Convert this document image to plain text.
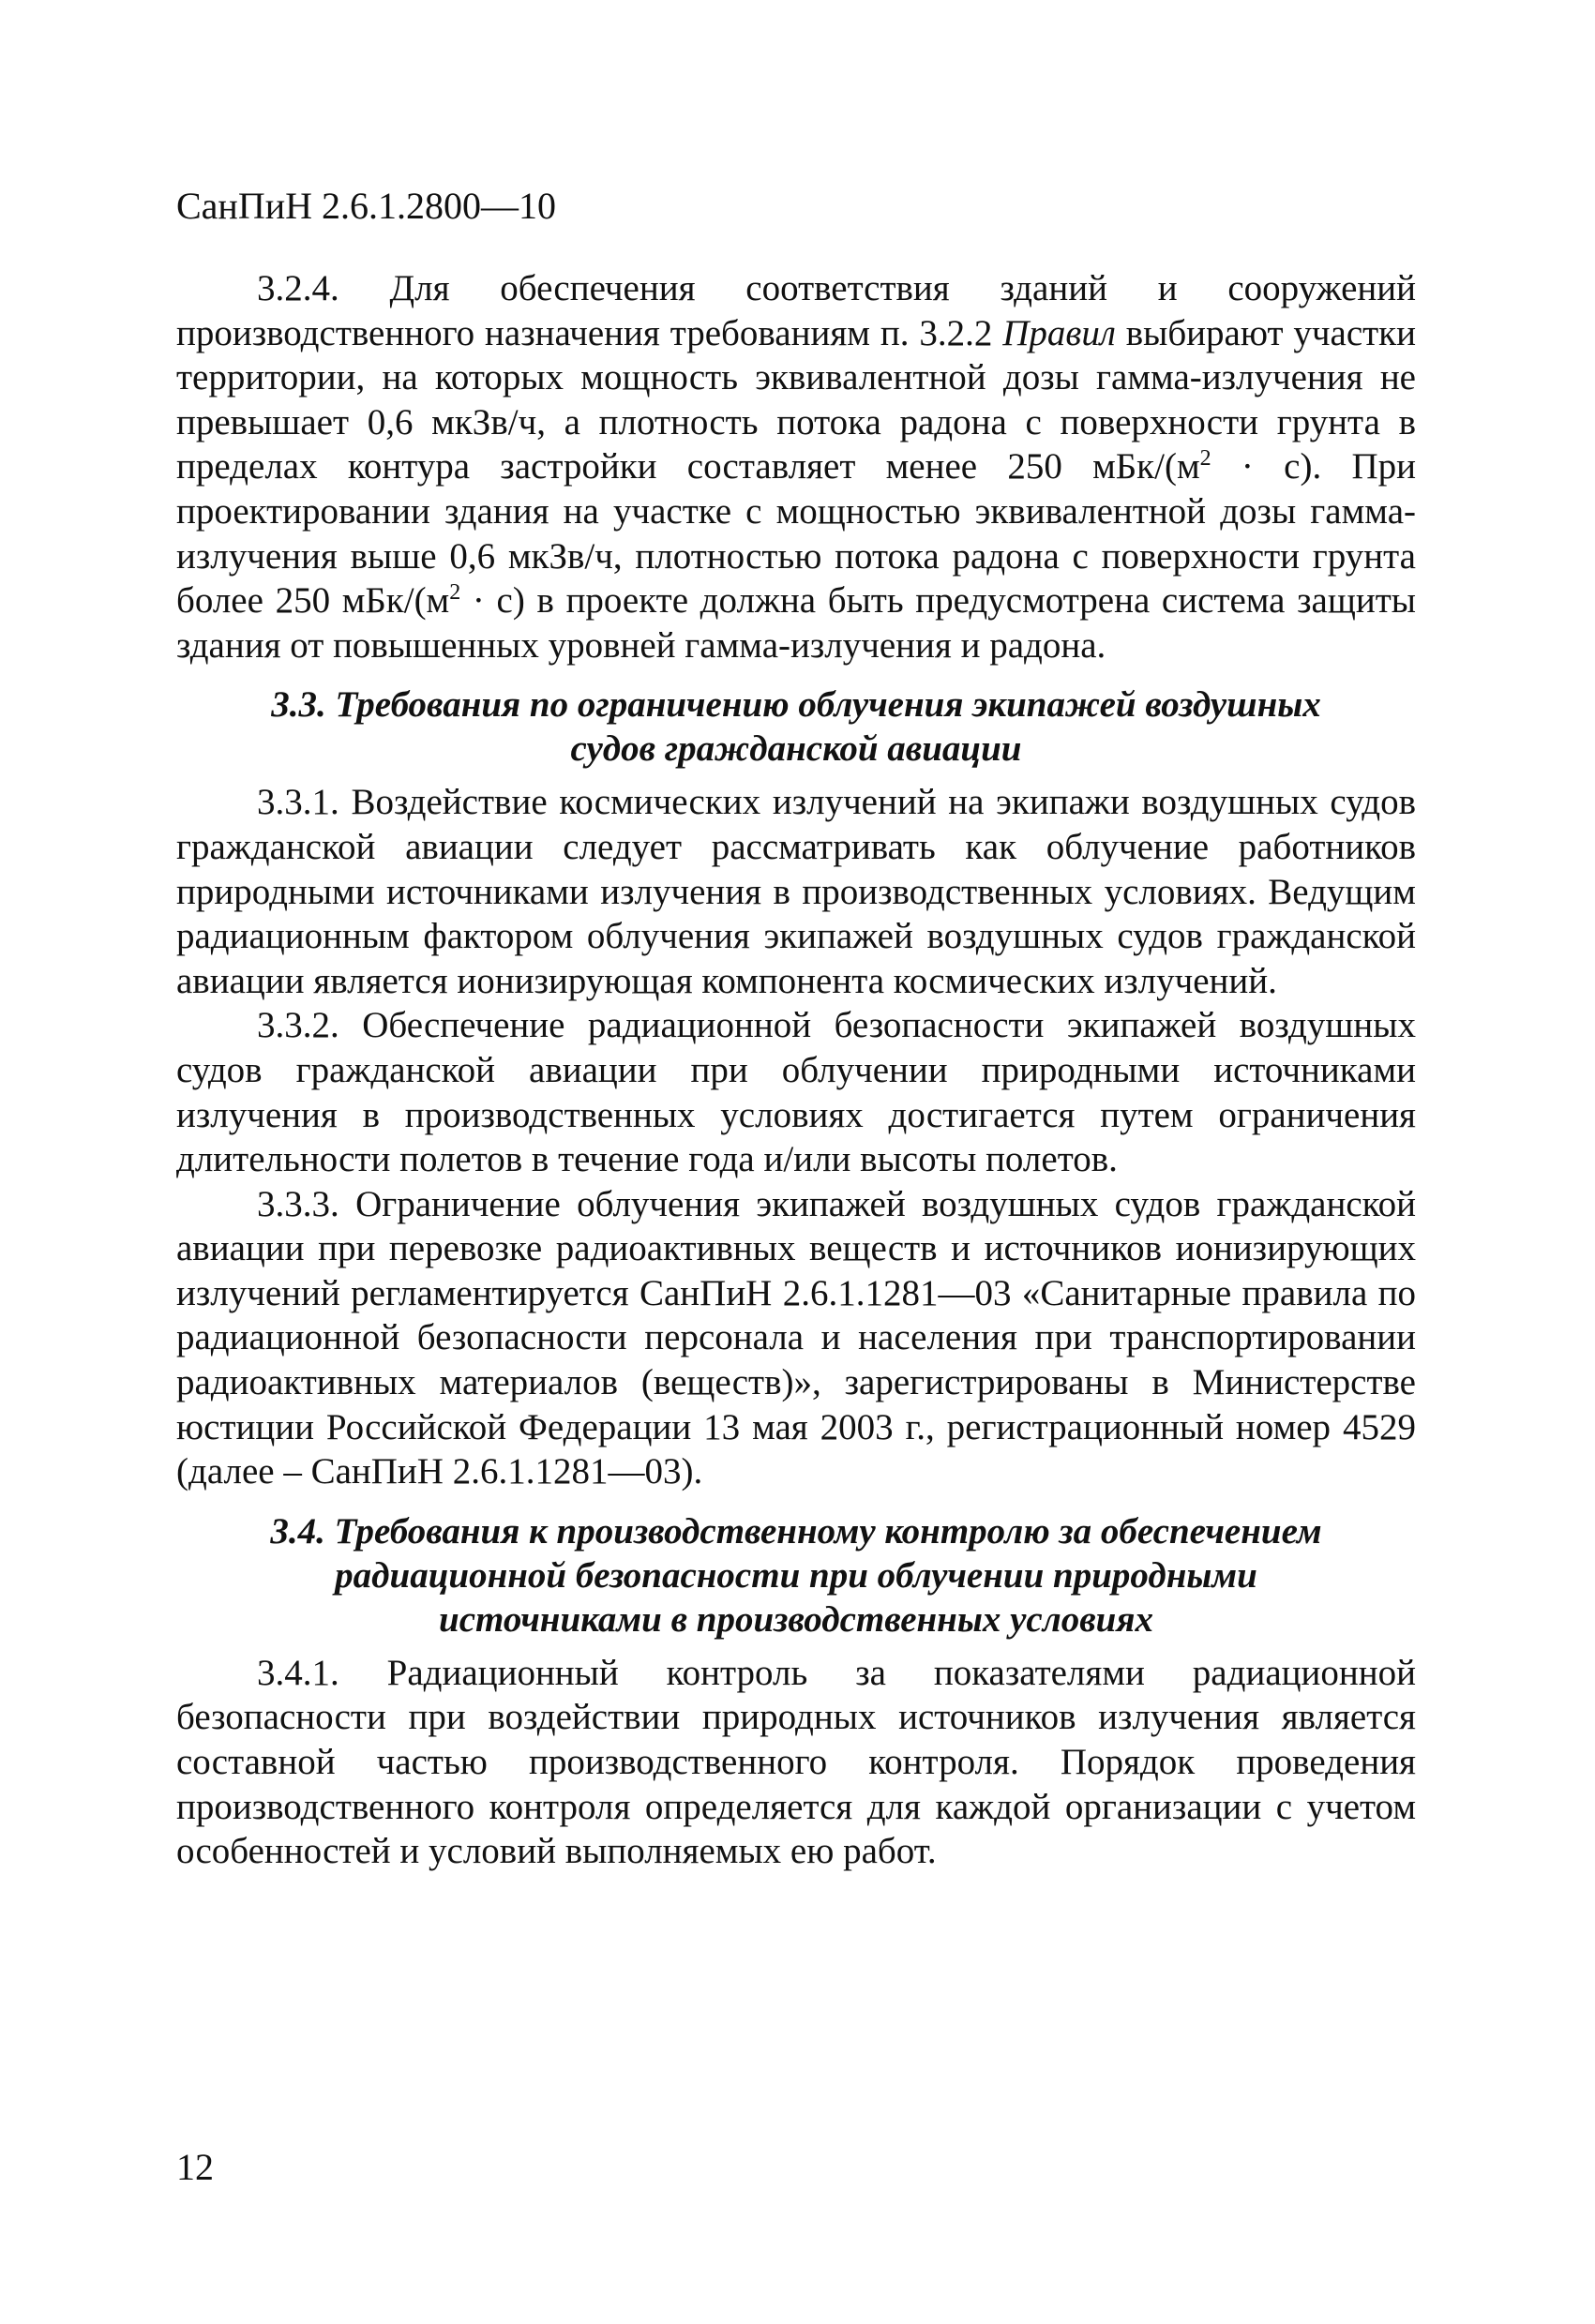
СанПиН 2.6.1.2800—10

3.2.4. Для обеспечения соответствия зданий и сооружений производственного назначения требованиям п. 3.2.2 Правил выбирают участки территории, на которых мощность эквивалентной дозы гамма-излучения не превышает 0,6 мкЗв/ч, а плотность потока радона с поверхности грунта в пределах контура застройки составляет менее 250 мБк/$(м^2 \cdot с)$. При проектировании здания на участке с мощностью эквивалентной дозы гамма-излучения выше 0,6 мкЗв/ч, плотностью потока радона с поверхности грунта более 250 мБк/$(м^2 \cdot с)$ в проекте должна быть предусмотрена система защиты здания от повышенных уровней гамма-излучения и радона.

3.3. Требования по ограничению облучения экипажей воздушных
судов гражданской авиации

3.3.1. Воздействие космических излучений на экипажи воздушных судов гражданской авиации следует рассматривать как облучение работников природными источниками излучения в производственных условиях. Ведущим радиационным фактором облучения экипажей воздушных судов гражданской авиации является ионизирующая компонента космических излучений.

3.3.2. Обеспечение радиационной безопасности экипажей воздушных судов гражданской авиации при облучении природными источниками излучения в производственных условиях достигается путем ограничения длительности полетов в течение года и/или высоты полетов.

3.3.3. Ограничение облучения экипажей воздушных судов гражданской авиации при перевозке радиоактивных веществ и источников ионизирующих излучений регламентируется СанПиН 2.6.1.1281—03 «Санитарные правила по радиационной безопасности персонала и населения при транспортировании радиоактивных материалов (веществ)», зарегистрированы в Министерстве юстиции Российской Федерации 13 мая 2003 г., регистрационный номер 4529 (далее – СанПиН 2.6.1.1281—03).

3.4. Требования к производственному контролю за обеспечением
радиационной безопасности при облучении природными
источниками в производственных условиях

3.4.1. Радиационный контроль за показателями радиационной безопасности при воздействии природных источников излучения является составной частью производственного контроля. Порядок проведения производственного контроля определяется для каждой организации с учетом особенностей и условий выполняемых ею работ.

12
